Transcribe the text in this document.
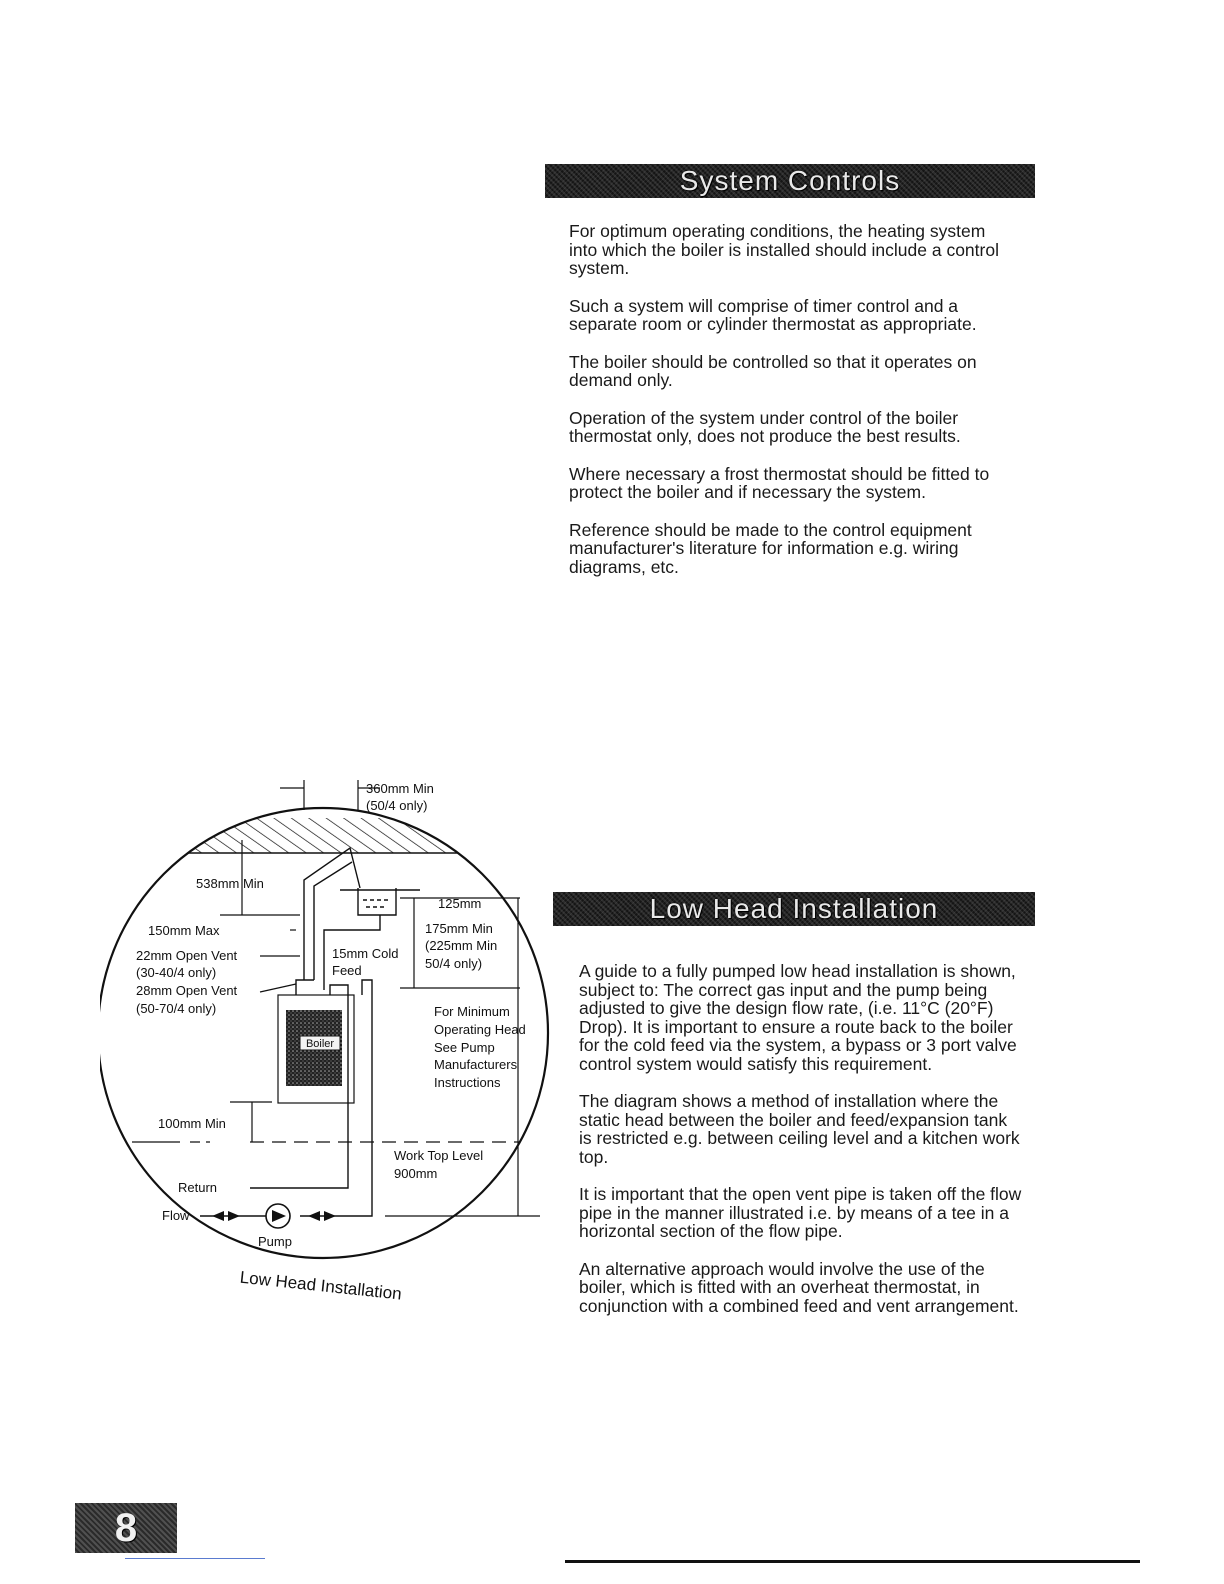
System Controls

For optimum operating conditions, the heating system into which the boiler is installed should include a control system.

Such a system will comprise of timer control and a separate room or cylinder thermostat as appropriate.

The boiler should be controlled so that it operates on demand only.

Operation of the system under control of the boiler thermostat only, does not produce the best results.

Where necessary a frost thermostat should be fitted to protect the boiler and if necessary the system.

Reference should be made to the control equipment manufacturer's literature for information e.g. wiring diagrams, etc.

Low Head Installation

A guide to a fully pumped low head installation is shown, subject to: The correct gas input and the pump being adjusted to give the design flow rate, (i.e. 11°C (20°F) Drop). It is important to ensure a route back to the boiler for the cold feed via the system, a bypass or 3 port valve control system would satisfy this requirement.

The diagram shows a method of installation where the static head between the boiler and feed/expansion tank is restricted e.g. between ceiling level and a kitchen work top.

It is important that the open vent pipe is taken off the flow pipe in the manner illustrated i.e. by means of a tee in a horizontal section of the flow pipe.

An alternative approach would involve the use of the boiler, which is fitted with an overheat thermostat, in conjunction with a combined feed and vent arrangement.

Boiler
360mm Min
(50/4 only)
538mm Min
150mm Max
22mm Open Vent
(30-40/4 only)
28mm Open Vent
(50-70/4 only)
15mm Cold
Feed
125mm
175mm Min
(225mm Min
50/4 only)
For Minimum
Operating Head
See Pump
Manufacturers
Instructions
100mm Min
Work Top Level
900mm
Return
Flow
Pump
Low Head Installation
8
